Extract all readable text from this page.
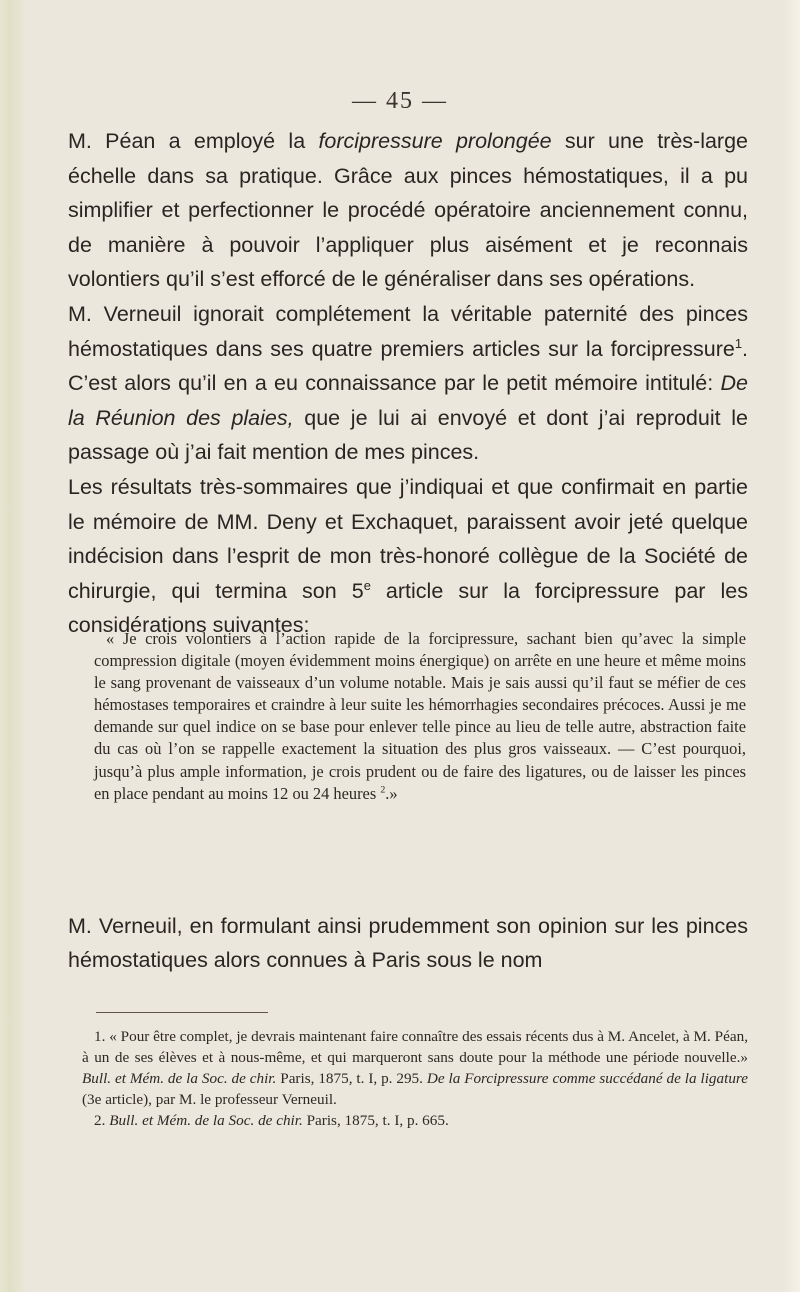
— 45 —

M. Péan a employé la forcipressure prolongée sur une très-large échelle dans sa pratique. Grâce aux pinces hémostatiques, il a pu simplifier et perfectionner le procédé opératoire anciennement connu, de manière à pouvoir l’appliquer plus aisément et je reconnais volontiers qu’il s’est efforcé de le généraliser dans ses opérations.

M. Verneuil ignorait complétement la véritable paternité des pinces hémostatiques dans ses quatre premiers articles sur la forcipressure$^1$. C’est alors qu’il en a eu connaissance par le petit mémoire intitulé: De la Réunion des plaies, que je lui ai envoyé et dont j’ai reproduit le passage où j’ai fait mention de mes pinces.

Les résultats très-sommaires que j’indiquai et que confirmait en partie le mémoire de MM. Deny et Exchaquet, paraissent avoir jeté quelque indécision dans l’esprit de mon très-honoré collègue de la Société de chirurgie, qui termina son 5e article sur la forcipressure par les considérations suivantes:

« Je crois volontiers à l’action rapide de la forcipressure, sachant bien qu’avec la simple compression digitale (moyen évidemment moins énergique) on arrête en une heure et même moins le sang provenant de vaisseaux d’un volume notable. Mais je sais aussi qu’il faut se méfier de ces hémostases temporaires et craindre à leur suite les hémorrhagies secondaires précoces. Aussi je me demande sur quel indice on se base pour enlever telle pince au lieu de telle autre, abstraction faite du cas où l’on se rappelle exactement la situation des plus gros vaisseaux. — C’est pourquoi, jusqu’à plus ample information, je crois prudent ou de faire des ligatures, ou de laisser les pinces en place pendant au moins 12 ou 24 heures $^2$.»

M. Verneuil, en formulant ainsi prudemment son opinion sur les pinces hémostatiques alors connues à Paris sous le nom

1. « Pour être complet, je devrais maintenant faire connaître des essais récents dus à M. Ancelet, à M. Péan, à un de ses élèves et à nous-même, et qui marqueront sans doute pour la méthode une période nouvelle.» Bull. et Mém. de la Soc. de chir. Paris, 1875, t. I, p. 295. De la Forcipressure comme succédané de la ligature (3e article), par M. le professeur Verneuil.

2. Bull. et Mém. de la Soc. de chir. Paris, 1875, t. I, p. 665.
